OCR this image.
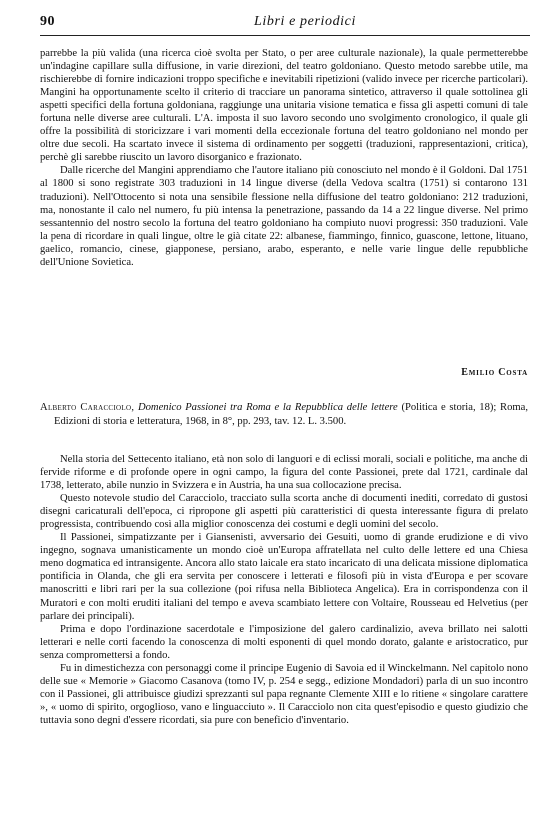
90	Libri e periodici

parrebbe la più valida (una ricerca cioè svolta per Stato, o per aree culturale nazionale), la quale permetterebbe un'indagine capillare sulla diffusione, in varie direzioni, del teatro goldoniano. Questo metodo sarebbe utile, ma rischierebbe di fornire indicazioni troppo specifiche e inevitabili ripetizioni (valido invece per ricerche particolari). Mangini ha opportunamente scelto il criterio di tracciare un panorama sintetico, attraverso il quale sottolinea gli aspetti specifici della fortuna goldoniana, raggiunge una unitaria visione tematica e fissa gli aspetti comuni di tale fortuna nelle diverse aree culturali. L'A. imposta il suo lavoro secondo uno svolgimento cronologico, il quale gli offre la possibilità di storicizzare i vari momenti della eccezionale fortuna del teatro goldoniano nel mondo per oltre due secoli. Ha scartato invece il sistema di ordinamento per soggetti (traduzioni, rappresentazioni, critica), perchè gli sarebbe riuscito un lavoro disorganico e frazionato.

Dalle ricerche del Mangini apprendiamo che l'autore italiano più conosciuto nel mondo è il Goldoni. Dal 1751 al 1800 si sono registrate 303 traduzioni in 14 lingue diverse (della Vedova scaltra (1751) si contarono 131 traduzioni). Nell'Ottocento si nota una sensibile flessione nella diffusione del teatro goldoniano: 212 traduzioni, ma, nonostante il calo nel numero, fu più intensa la penetrazione, passando da 14 a 22 lingue diverse. Nel primo sessantennio del nostro secolo la fortuna del teatro goldoniano ha compiuto nuovi progressi: 350 traduzioni. Vale la pena di ricordare in quali lingue, oltre le già citate 22: albanese, fiammingo, finnico, guascone, lettone, lituano, gaelico, romancio, cinese, giapponese, persiano, arabo, esperanto, e nelle varie lingue delle repubbliche dell'Unione Sovietica.

Emilio Costa

Alberto Caracciolo, Domenico Passionei tra Roma e la Repubblica delle lettere (Politica e storia, 18); Roma, Edizioni di storia e letteratura, 1968, in 8°, pp. 293, tav. 12. L. 3.500.

Nella storia del Settecento italiano, età non solo di languori e di eclissi morali, sociali e politiche, ma anche di fervide riforme e di profonde opere in ogni campo, la figura del conte Passionei, prete dal 1721, cardinale dal 1738, letterato, abile nunzio in Svizzera e in Austria, ha una sua collocazione precisa.

Questo notevole studio del Caracciolo, tracciato sulla scorta anche di documenti inediti, corredato di gustosi disegni caricaturali dell'epoca, ci ripropone gli aspetti più caratteristici di questa interessante figura di prelato progressista, contribuendo così alla miglior conoscenza dei costumi e degli uomini del secolo.

Il Passionei, simpatizzante per i Giansenisti, avversario dei Gesuiti, uomo di grande erudizione e di vivo ingegno, sognava umanisticamente un mondo cioè un'Europa affratellata nel culto delle lettere ed una Chiesa meno dogmatica ed intransigente. Ancora allo stato laicale era stato incaricato di una delicata missione diplomatica pontificia in Olanda, che gli era servita per conoscere i letterati e filosofi più in vista d'Europa e per scovare manoscritti e libri rari per la sua collezione (poi rifusa nella Biblioteca Angelica). Era in corrispondenza con il Muratori e con molti eruditi italiani del tempo e aveva scambiato lettere con Voltaire, Rousseau ed Helvetius (per parlare dei principali).

Prima e dopo l'ordinazione sacerdotale e l'imposizione del galero cardinalizio, aveva brillato nei salotti letterari e nelle corti facendo la conoscenza di molti esponenti di quel mondo dorato, galante e aristocratico, pur senza compromettersi a fondo.

Fu in dimestichezza con personaggi come il principe Eugenio di Savoia ed il Winckelmann. Nel capitolo nono delle sue « Memorie » Giacomo Casanova (tomo IV, p. 254 e segg., edizione Mondadori) parla di un suo incontro con il Passionei, gli attribuisce giudizi sprezzanti sul papa regnante Clemente XIII e lo ritiene « singolare carattere », « uomo di spirito, orgoglioso, vano e linguacciuto ». Il Caracciolo non cita quest'episodio e questo giudizio che tuttavia sono degni d'essere ricordati, sia pure con beneficio d'inventario.
